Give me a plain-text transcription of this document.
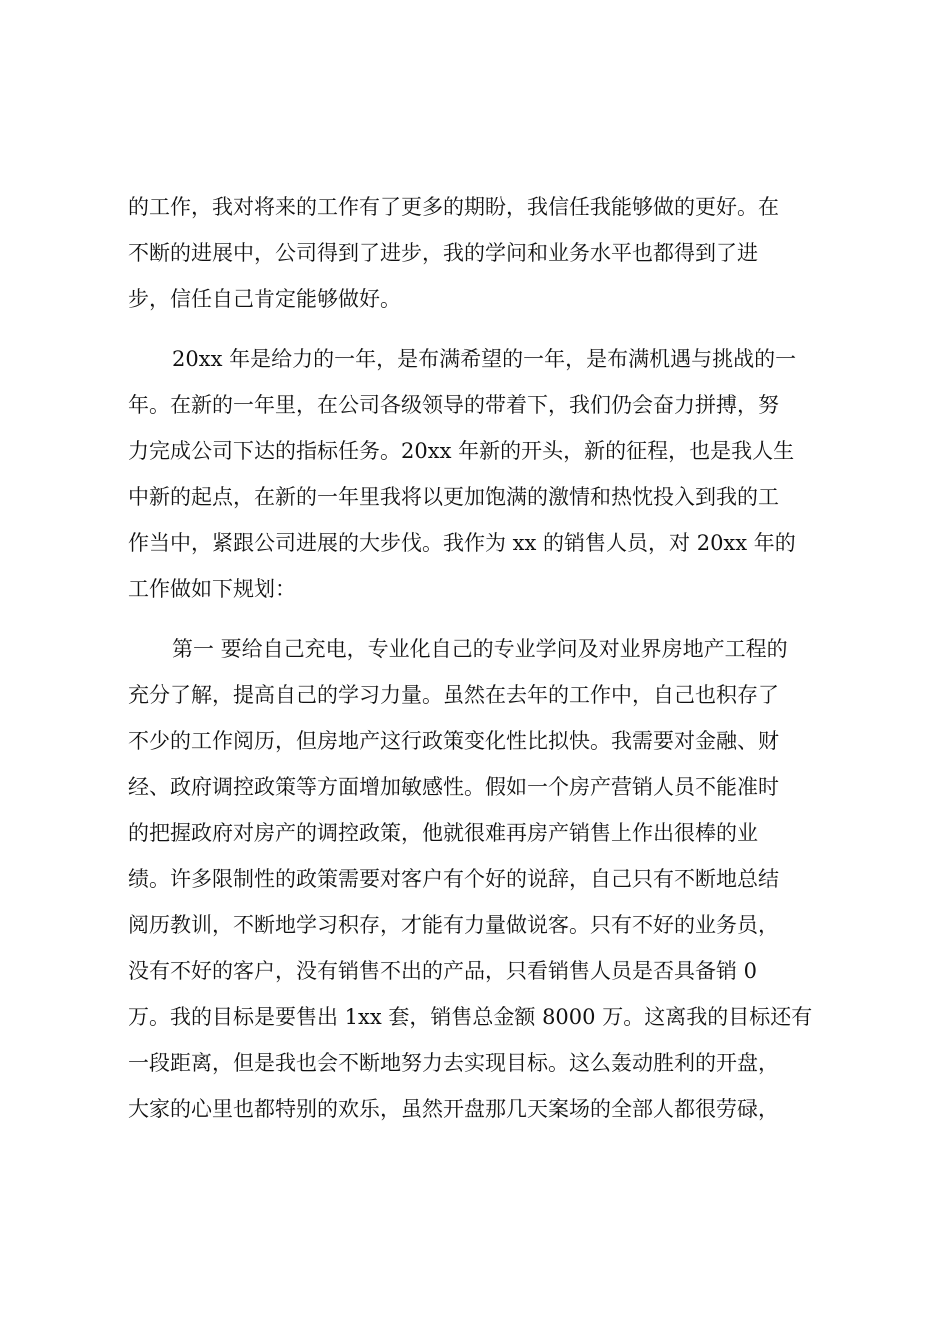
的工作，我对将来的工作有了更多的期盼，我信任我能够做的更好。在
不断的进展中，公司得到了进步，我的学问和业务水平也都得到了进
步，信任自己肯定能够做好。
20xx 年是给力的一年，是布满希望的一年，是布满机遇与挑战的一
年。在新的一年里，在公司各级领导的带着下，我们仍会奋力拼搏，努
力完成公司下达的指标任务。20xx 年新的开头，新的征程，也是我人生
中新的起点，在新的一年里我将以更加饱满的激情和热忱投入到我的工
作当中，紧跟公司进展的大步伐。我作为 xx 的销售人员，对 20xx 年的
工作做如下规划：
第一 要给自己充电，专业化自己的专业学问及对业界房地产工程的
充分了解，提高自己的学习力量。虽然在去年的工作中，自己也积存了
不少的工作阅历，但房地产这行政策变化性比拟快。我需要对金融、财
经、政府调控政策等方面增加敏感性。假如一个房产营销人员不能准时
的把握政府对房产的调控政策，他就很难再房产销售上作出很棒的业
绩。许多限制性的政策需要对客户有个好的说辞，自己只有不断地总结
阅历教训，不断地学习积存，才能有力量做说客。只有不好的业务员，
没有不好的客户，没有销售不出的产品，只看销售人员是否具备销 0
万。我的目标是要售出 1xx 套，销售总金额 8000 万。这离我的目标还有
一段距离，但是我也会不断地努力去实现目标。这么轰动胜利的开盘，
大家的心里也都特别的欢乐，虽然开盘那几天案场的全部人都很劳碌，
